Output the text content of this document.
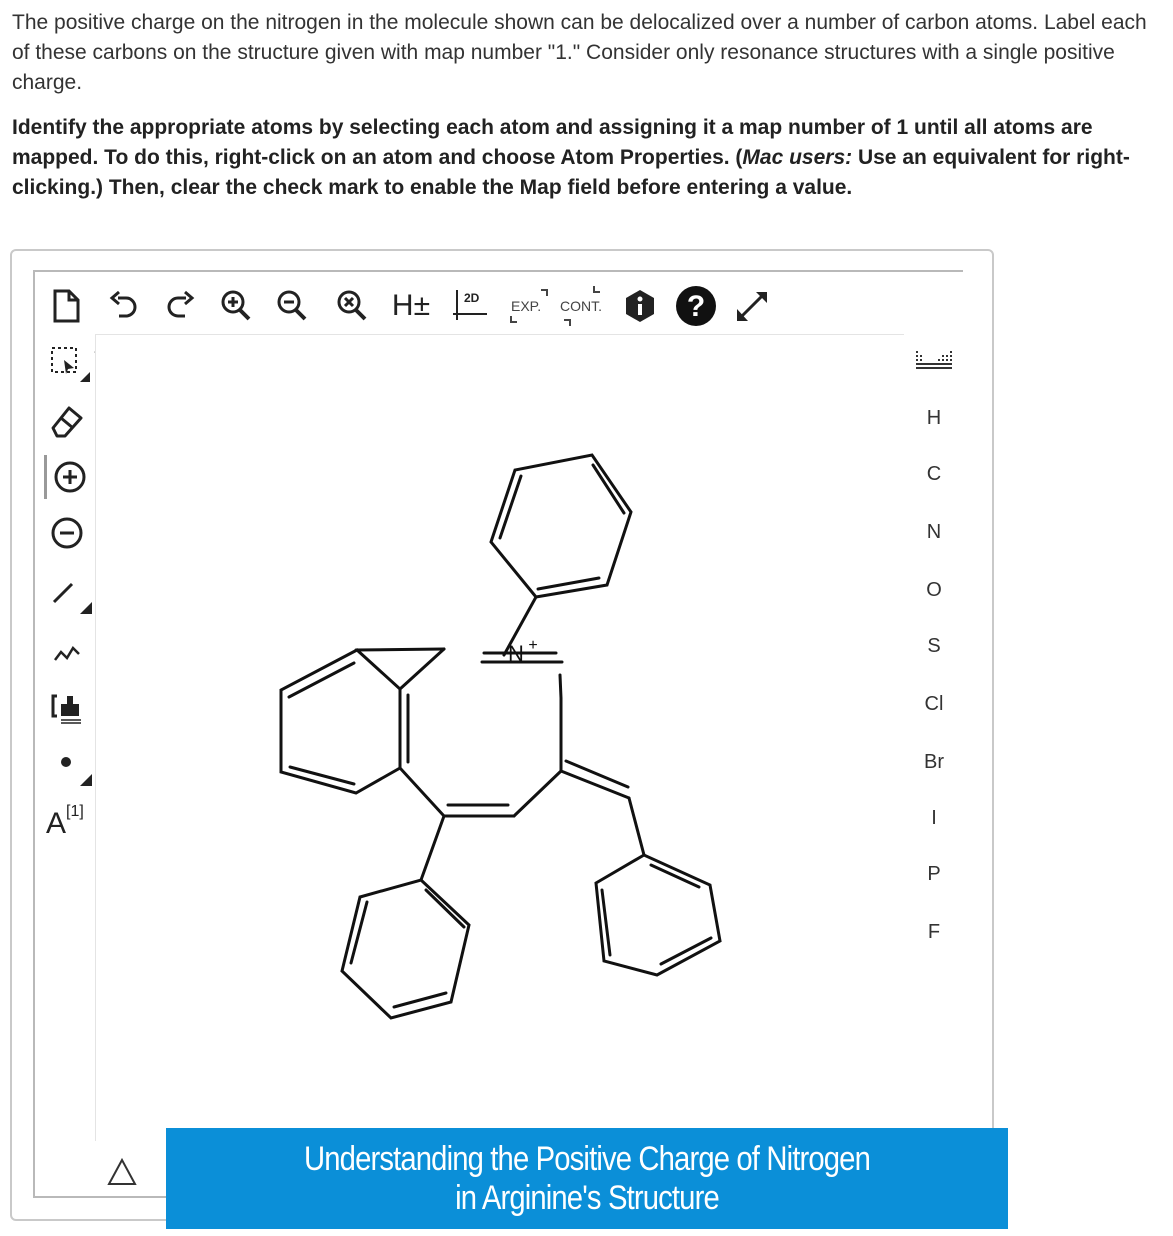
The positive charge on the nitrogen in the molecule shown can be delocalized over a number of carbon atoms. Label each of these carbons on the structure given with map number "1." Consider only resonance structures with a single positive charge.

Identify the appropriate atoms by selecting each atom and assigning it a map number of 1 until all atoms are mapped. To do this, right-click on an atom and choose Atom Properties. (Mac users: Use an equivalent for right-clicking.) Then, clear the check mark to enable the Map field before entering a value.

H±	2D EXP. CONT.	?
A [1]
N +
H
C
N
O
S
Cl
Br
I
P
F
Understanding the Positive Charge of Nitrogen in Arginine's Structure
